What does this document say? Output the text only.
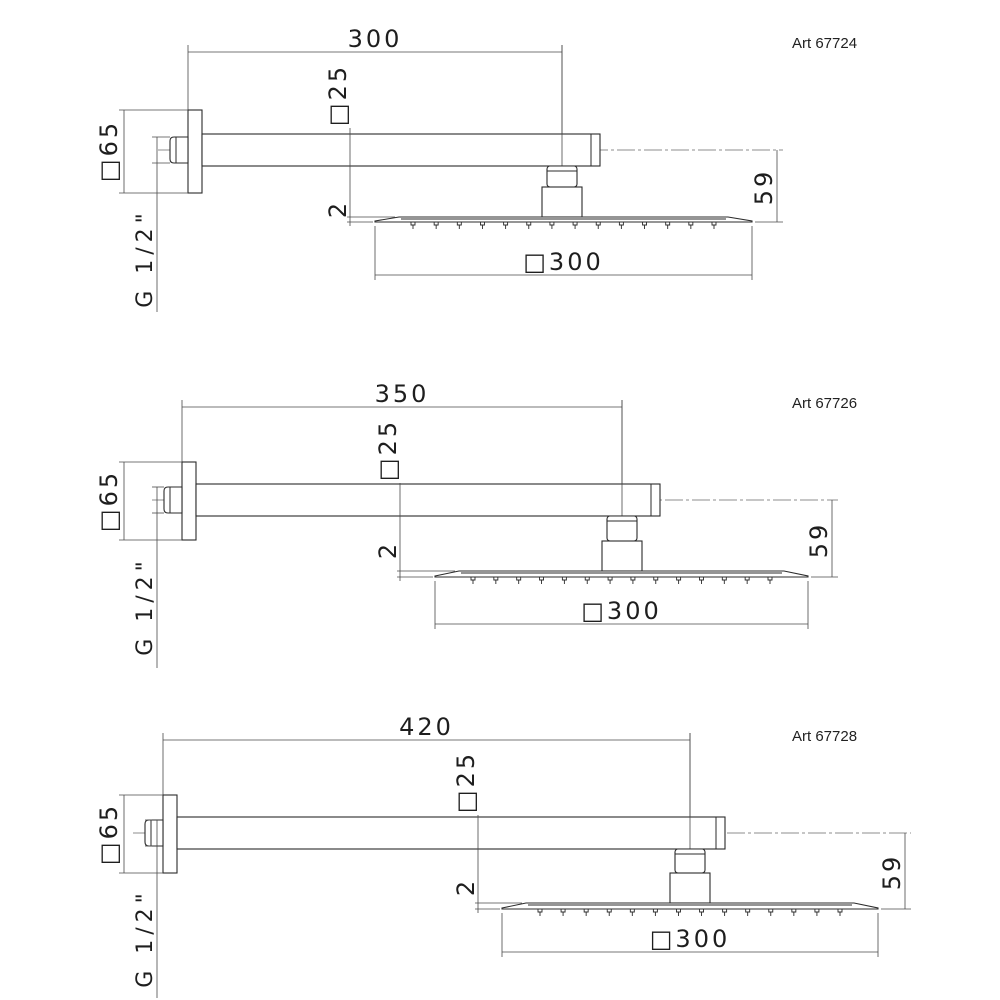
300	Art 67724
□65
G 1/2"
□25
2
59
□300
350	Art 67726
□65
G 1/2"
□25
2	59
□300
420	Art 67728
□65
G 1/2"
□25
2	59
□300
